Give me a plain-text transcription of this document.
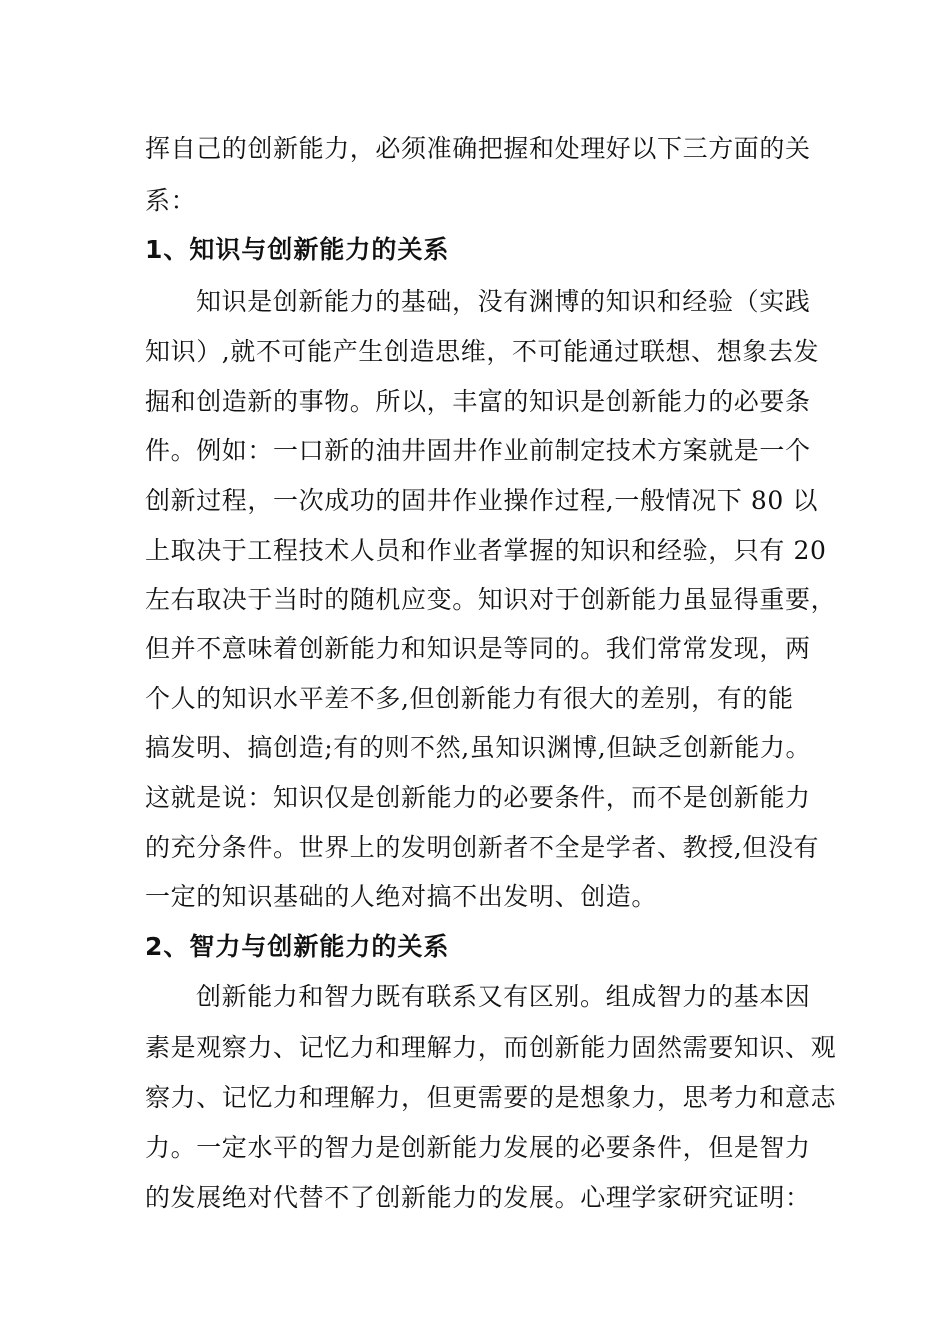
挥自己的创新能力，必须准确把握和处理好以下三方面的关
系：
1、知识与创新能力的关系
知识是创新能力的基础，没有渊博的知识和经验（实践
知识）,就不可能产生创造思维，不可能通过联想、想象去发
掘和创造新的事物。所以，丰富的知识是创新能力的必要条
件。例如：一口新的油井固井作业前制定技术方案就是一个
创新过程，一次成功的固井作业操作过程,一般情况下 80 以
上取决于工程技术人员和作业者掌握的知识和经验，只有 20
左右取决于当时的随机应变。知识对于创新能力虽显得重要，
但并不意味着创新能力和知识是等同的。我们常常发现，两
个人的知识水平差不多,但创新能力有很大的差别，有的能
搞发明、搞创造;有的则不然,虽知识渊博,但缺乏创新能力。
这就是说：知识仅是创新能力的必要条件，而不是创新能力
的充分条件。世界上的发明创新者不全是学者、教授,但没有
一定的知识基础的人绝对搞不出发明、创造。
2、智力与创新能力的关系
创新能力和智力既有联系又有区别。组成智力的基本因
素是观察力、记忆力和理解力，而创新能力固然需要知识、观
察力、记忆力和理解力，但更需要的是想象力，思考力和意志
力。一定水平的智力是创新能力发展的必要条件，但是智力
的发展绝对代替不了创新能力的发展。心理学家研究证明：
